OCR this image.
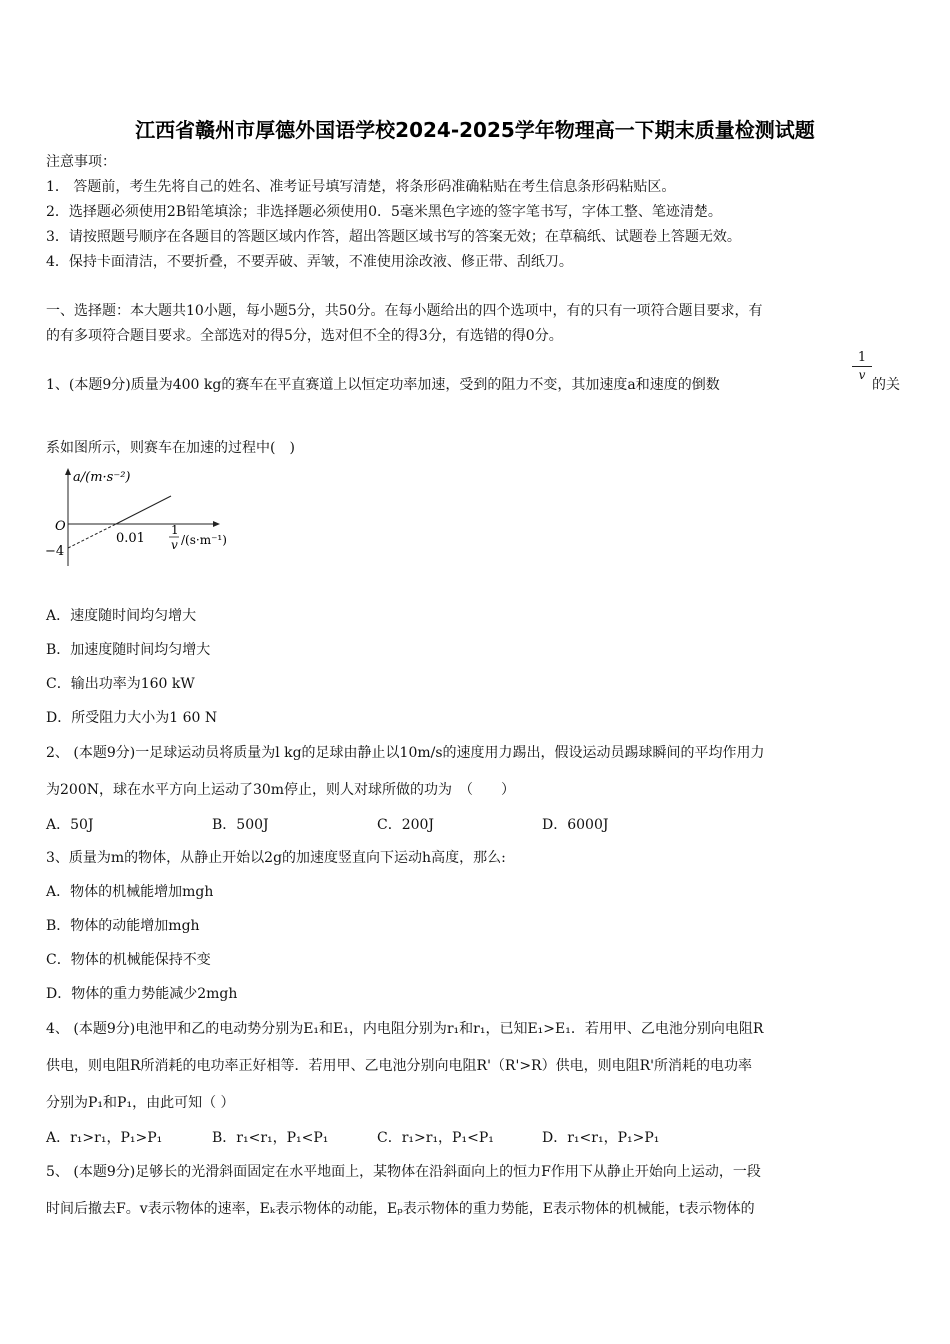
江西省赣州市厚德外国语学校2024-2025学年物理高一下期末质量检测试题
注意事项：
1． 答题前，考生先将自己的姓名、准考证号填写清楚，将条形码准确粘贴在考生信息条形码粘贴区。
2．选择题必须使用2B铅笔填涂；非选择题必须使用0．5毫米黑色字迹的签字笔书写，字体工整、笔迹清楚。
3．请按照题号顺序在各题目的答题区域内作答，超出答题区域书写的答案无效；在草稿纸、试题卷上答题无效。
4．保持卡面清洁，不要折叠，不要弄破、弄皱，不准使用涂改液、修正带、刮纸刀。
一、选择题：本大题共10小题，每小题5分，共50分。在每小题给出的四个选项中，有的只有一项符合题目要求，有
的有多项符合题目要求。全部选对的得5分，选对但不全的得3分，有选错的得0分。
1、(本题9分)质量为400 kg的赛车在平直赛道上以恒定功率加速，受到的阻力不变，其加速度a和速度的倒数
$\frac{1}{v}$
的关
系如图所示，则赛车在加速的过程中(　)
a/(m·s⁻²)
O
0.01
−4
1
v /(s·m⁻¹)
A．速度随时间均匀增大
B．加速度随时间均匀增大
C．输出功率为160 kW
D．所受阻力大小为1 60 N
2、 (本题9分)一足球运动员将质量为l kg的足球由静止以10m/s的速度用力踢出，假设运动员踢球瞬间的平均作用力
为200N，球在水平方向上运动了30m停止，则人对球所做的功为　（　　）
A．50J	B．500J	C．200J	D．6000J
3、质量为m的物体，从静止开始以2g的加速度竖直向下运动h高度，那么:
A．物体的机械能增加mgh
B．物体的动能增加mgh
C．物体的机械能保持不变
D．物体的重力势能减少2mgh
4、 (本题9分)电池甲和乙的电动势分别为E₁和E₁，内电阻分别为r₁和r₁，已知E₁>E₁．若用甲、乙电池分别向电阻R
供电，则电阻R所消耗的电功率正好相等．若用甲、乙电池分别向电阻R'（R'>R）供电，则电阻R'所消耗的电功率
分别为P₁和P₁，由此可知（ ）
A．r₁>r₁，P₁>P₁	B．r₁<r₁，P₁<P₁	C．r₁>r₁，P₁<P₁	D．r₁<r₁，P₁>P₁
5、 (本题9分)足够长的光滑斜面固定在水平地面上，某物体在沿斜面向上的恒力F作用下从静止开始向上运动，一段
时间后撤去F。v表示物体的速率，Eₖ表示物体的动能，Eₚ表示物体的重力势能，E表示物体的机械能，t表示物体的
